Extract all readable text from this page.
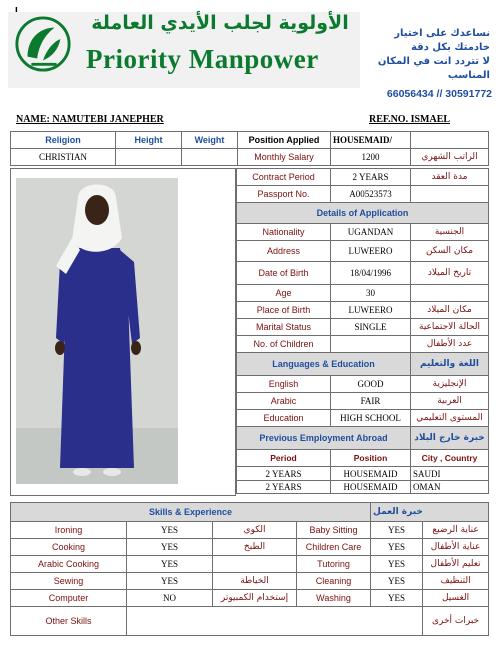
الأولوية لجلب الأيدي العاملة
Priority Manpower
نساعدك على اختيار خادمتك بكل دقة
لا تتردد انت في المكان المناسب
66056434 // 30591772
NAME: NAMUTEBI JANEPHER	REF.NO. ISMAEL
Religion	Height	Weight	Position Applied	HOUSEMAID/	
CHRISTIAN			Monthly Salary	1200	الراتب الشهري
Contract Period	2 YEARS	مدة العقد
Passport No.	A00523573	
Details of Application		
Nationality	UGANDAN	الجنسية
Address	LUWEERO	مكان السكن
Date of Birth	18/04/1996	تاريخ الميلاد
Age	30	
Place of Birth	LUWEERO	مكان الميلاد
Marital Status	SINGLE	الحالة الاجتماعية
No. of Children		عدد الأطفال
Languages & Education		اللغة والتعليم
English	GOOD	الإنجليزية
Arabic	FAIR	العربية
Education	HIGH SCHOOL	المستوى التعليمي
Previous Employment Abroad		خبرة خارج البلاد
Period	Position	City , Country
2 YEARS	HOUSEMAID	SAUDI
2 YEARS	HOUSEMAID	OMAN
Skills & Experience				خبرة العمل	
Ironing	YES	الكوي	Baby Sitting	YES	عناية الرضيع
Cooking	YES	الطبخ	Children Care	YES	عناية الأطفال
Arabic Cooking	YES		Tutoring	YES	تعليم الأطفال
Sewing	YES	الخياطة	Cleaning	YES	التنظيف
Computer	NO	إستخدام الكمبيوتر	Washing	YES	الغسيل
Other Skills					خبرات أخرى
